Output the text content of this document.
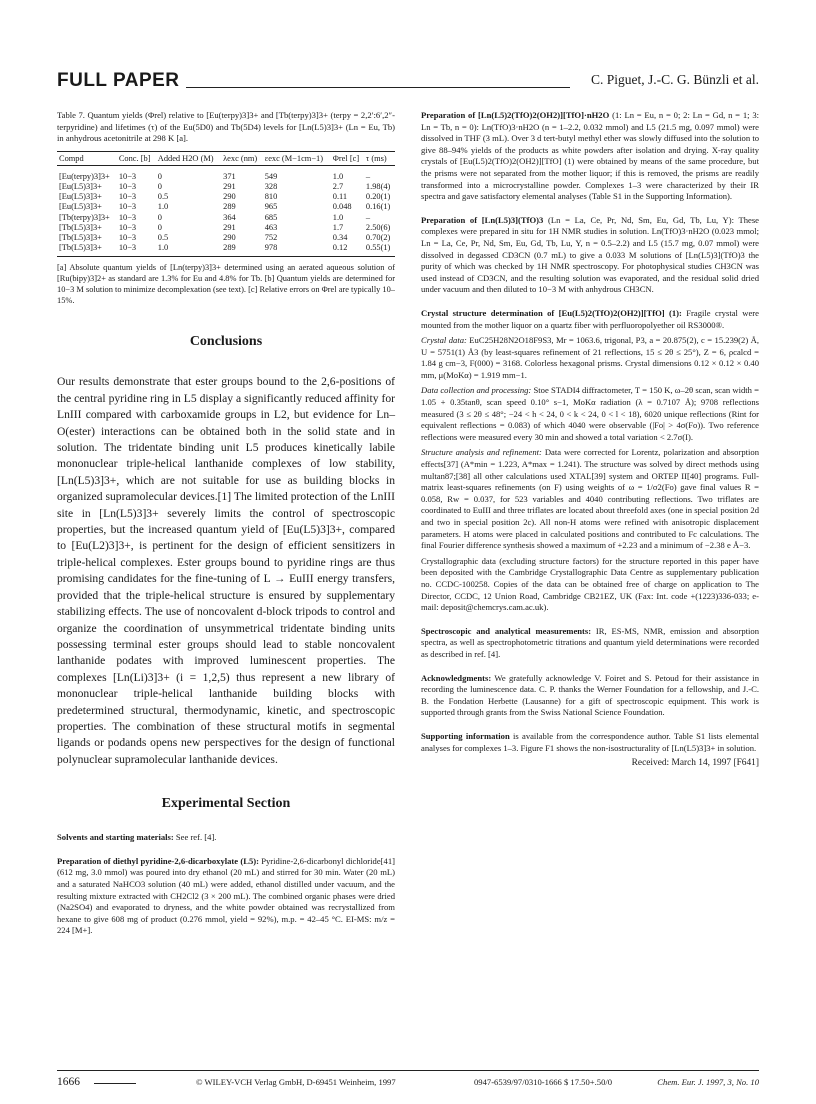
FULL PAPER	C. Piguet, J.-C. G. Bünzli et al.
Table 7. Quantum yields (Φrel) relative to [Eu(terpy)3]3+ and [Tb(terpy)3]3+ (terpy = 2,2′:6′,2″-terpyridine) and lifetimes (τ) of the Eu(5D0) and Tb(5D4) levels for [Ln(L5)3]3+ (Ln = Eu, Tb) in anhydrous acetonitrile at 298 K [a].
Compd	Conc. [b]	Added H2O (M)	λexc (nm)	εexc (M−1cm−1)	Φrel [c]	τ (ms)
[Eu(terpy)3]3+	10−3	0	371	549	1.0	–
[Eu(L5)3]3+	10−3	0	291	328	2.7	1.98(4)
[Eu(L5)3]3+	10−3	0.5	290	810	0.11	0.20(1)
[Eu(L5)3]3+	10−3	1.0	289	965	0.048	0.16(1)
[Tb(terpy)3]3+	10−3	0	364	685	1.0	–
[Tb(L5)3]3+	10−3	0	291	463	1.7	2.50(6)
[Tb(L5)3]3+	10−3	0.5	290	752	0.34	0.70(2)
[Tb(L5)3]3+	10−3	1.0	289	978	0.12	0.55(1)
[a] Absolute quantum yields of [Ln(terpy)3]3+ determined using an aerated aqueous solution of [Ru(bipy)3]2+ as standard are 1.3% for Eu and 4.8% for Tb. [b] Quantum yields are determined for 10−3 M solution to minimize decomplexation (see text). [c] Relative errors on Φrel are typically 10–15%.
Conclusions
Our results demonstrate that ester groups bound to the 2,6-positions of the central pyridine ring in L5 display a significantly reduced affinity for LnIII compared with carboxamide groups in L2, but evidence for Ln–O(ester) interactions can be obtained both in the solid state and in solution. The tridentate binding unit L5 produces kinetically labile mononuclear triple-helical lanthanide complexes of low stability, [Ln(L5)3]3+, which are not suitable for use as building blocks in organized supramolecular devices.[1] The limited protection of the LnIII site in [Ln(L5)3]3+ severely limits the control of spectroscopic properties, but the increased quantum yield of [Eu(L5)3]3+, compared to [Eu(L2)3]3+, is pertinent for the design of efficient sensitizers in triple-helical complexes. Ester groups bound to pyridine rings are thus promising candidates for the fine-tuning of L → EuIII energy transfers, provided that the triple-helical structure is ensured by supplementary stabilizing effects. The use of noncovalent d-block tripods to control and organize the coordination of unsymmetrical tridentate binding units possessing terminal ester groups should lead to stable noncovalent lanthanide podates with improved luminescent properties. The complexes [Ln(Li)3]3+ (i = 1,2,5) thus represent a new library of mononuclear triple-helical lanthanide building blocks with predetermined structural, thermodynamic, kinetic, and spectroscopic properties. The combination of these structural motifs in segmental ligands or podands opens new perspectives for the design of functional polynuclear supramolecular lanthanide devices.
Experimental Section

Solvents and starting materials: See ref. [4].

Preparation of diethyl pyridine-2,6-dicarboxylate (L5): Pyridine-2,6-dicarbonyl dichloride[41] (612 mg, 3.0 mmol) was poured into dry ethanol (20 mL) and stirred for 30 min. Water (20 mL) and a saturated NaHCO3 solution (40 mL) were added, ethanol distilled under vacuum, and the resulting mixture extracted with CH2Cl2 (3 × 200 mL). The combined organic phases were dried (Na2SO4) and evaporated to dryness, and the white powder obtained was recrystallized from hexane to give 608 mg of product (0.276 mmol, yield = 92%), m.p. = 42–45 °C. EI-MS: m/z = 224 [M+].

Preparation of [Ln(L5)2(TfO)2(OH2)][TfO]·nH2O (1: Ln = Eu, n = 0; 2: Ln = Gd, n = 1; 3: Ln = Tb, n = 0): Ln(TfO)3·nH2O (n = 1–2.2, 0.032 mmol) and L5 (21.5 mg, 0.097 mmol) were dissolved in THF (3 mL). Over 3 d tert-butyl methyl ether was slowly diffused into the solution to give 88–94% yields of the products as white powders after isolation and drying. X-ray quality crystals of [Eu(L5)2(TfO)2(OH2)][TfO] (1) were obtained by means of the same procedure, but the prisms were not separated from the mother liquor; if this is removed, the prisms are readily transformed into a microcrystalline powder. Complexes 1–3 were characterized by their IR spectra and gave satisfactory elemental analyses (Table S1 in the Supporting Information).

Preparation of [Ln(L5)3](TfO)3 (Ln = La, Ce, Pr, Nd, Sm, Eu, Gd, Tb, Lu, Y): These complexes were prepared in situ for 1H NMR studies in solution. Ln(TfO)3·nH2O (0.023 mmol; Ln = La, Ce, Pr, Nd, Sm, Eu, Gd, Tb, Lu, Y, n = 0.5–2.2) and L5 (15.7 mg, 0.07 mmol) were dissolved in degassed CD3CN (0.7 mL) to give a 0.033 M solutions of [Ln(L5)3](TfO)3 the purity of which was checked by 1H NMR spectroscopy. For photophysical studies CH3CN was used instead of CD3CN, and the resulting solution was evaporated, and the residual solid dried under vacuum and then diluted to 10−3 M with anhydrous CH3CN.

Crystal structure determination of [Eu(L5)2(TfO)2(OH2)][TfO] (1): Fragile crystal were mounted from the mother liquor on a quartz fiber with perfluoropolyether oil RS3000®.

Crystal data: EuC25H28N2O18F9S3, Mr = 1063.6, trigonal, P3, a = 20.875(2), c = 15.239(2) Å, U = 5751(1) Å3 (by least-squares refinement of 21 reflections, 15 ≤ 2θ ≤ 25°), Z = 6, ρcalcd = 1.84 g cm−3, F(000) = 3168. Colorless hexagonal prisms. Crystal dimensions 0.12 × 0.12 × 0.40 mm, μ(MoKα) = 1.919 mm−1.

Data collection and processing: Stoe STADI4 diffractometer, T = 150 K, ω–2θ scan, scan width = 1.05 + 0.35tanθ, scan speed 0.10° s−1, MoKα radiation (λ = 0.7107 Å); 9708 reflections measured (3 ≤ 2θ ≤ 48°; −24 < h < 24, 0 < k < 24, 0 < l < 18), 6020 unique reflections (Rint for equivalent reflections = 0.083) of which 4040 were observable (|Fo| > 4σ(Fo)). Two reference reflections were measured every 30 min and showed a total variation < 2.7σ(I).

Structure analysis and refinement: Data were corrected for Lorentz, polarization and absorption effects[37] (A*min = 1.223, A*max = 1.241). The structure was solved by direct methods using multan87;[38] all other calculations used XTAL[39] system and ORTEP II[40] programs. Full-matrix least-squares refinements (on F) using weights of ω = 1/σ2(Fo) gave final values R = 0.058, Rw = 0.037, for 523 variables and 4040 contributing reflections. Two triflates are coordinated to EuIII and three triflates are located about threefold axes (one in special position 2d and two in special position 2c). All non-H atoms were refined with anisotropic displacement parameters. H atoms were placed in calculated positions and contributed to Fc calculations. The final Fourier difference synthesis showed a maximum of +2.23 and a minimum of −2.38 e Å−3.

Crystallographic data (excluding structure factors) for the structure reported in this paper have been deposited with the Cambridge Crystallographic Data Centre as supplementary publication no. CCDC-100258. Copies of the data can be obtained free of charge on application to The Director, CCDC, 12 Union Road, Cambridge CB21EZ, UK (Fax: Int. code +(1223)336-033; e-mail: deposit@chemcrys.cam.ac.uk).

Spectroscopic and analytical measurements: IR, ES-MS, NMR, emission and absorption spectra, as well as spectrophotometric titrations and quantum yield determinations were recorded as described in ref. [4].

Acknowledgments: We gratefully acknowledge V. Foiret and S. Petoud for their assistance in recording the luminescence data. C. P. thanks the Werner Foundation for a fellowship, and J.-C. B. the Fondation Herbette (Lausanne) for a gift of spectroscopic equipment. This work is supported through grants from the Swiss National Science Foundation.

Supporting information is available from the correspondence author. Table S1 lists elemental analyses for complexes 1–3. Figure F1 shows the non-isostructurality of [Ln(L5)3]3+ in solution.

Received: March 14, 1997 [F641]
1666	© WILEY-VCH Verlag GmbH, D-69451 Weinheim, 1997	0947-6539/97/0310-1666 $ 17.50+.50/0	Chem. Eur. J. 1997, 3, No. 10
